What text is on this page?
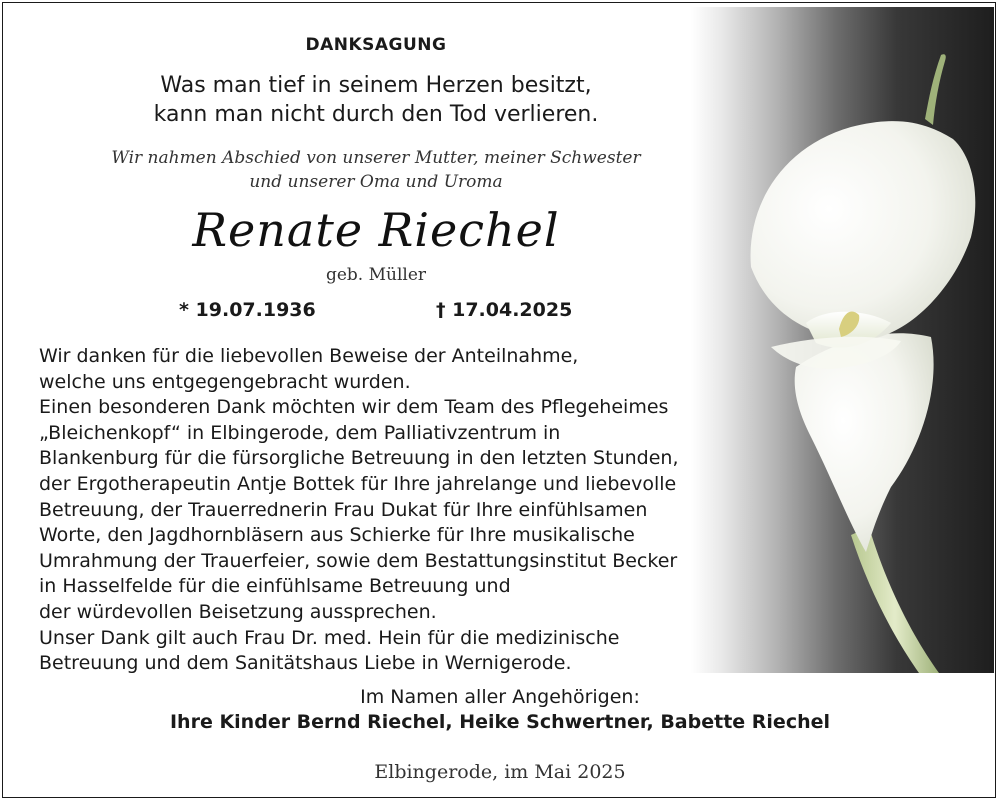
DANKSAGUNG
Was man tief in seinem Herzen besitzt,
kann man nicht durch den Tod verlieren.
Wir nahmen Abschied von unserer Mutter, meiner Schwester
und unserer Oma und Uroma
Renate Riechel
geb. Müller
* 19.07.1936	† 17.04.2025
Wir danken für die liebevollen Beweise der Anteilnahme,
welche uns entgegengebracht wurden.
Einen besonderen Dank möchten wir dem Team des Pflegeheimes
„Bleichenkopf“ in Elbingerode, dem Palliativzentrum in
Blankenburg für die fürsorgliche Betreuung in den letzten Stunden,
der Ergotherapeutin Antje Bottek für Ihre jahrelange und liebevolle
Betreuung, der Trauerrednerin Frau Dukat für Ihre einfühlsamen
Worte, den Jagdhornbläsern aus Schierke für Ihre musikalische
Umrahmung der Trauerfeier, sowie dem Bestattungsinstitut Becker
in Hasselfelde für die einfühlsame Betreuung und
der würdevollen Beisetzung aussprechen.
Unser Dank gilt auch Frau Dr. med. Hein für die medizinische
Betreuung und dem Sanitätshaus Liebe in Wernigerode.
Im Namen aller Angehörigen:
Ihre Kinder Bernd Riechel, Heike Schwertner, Babette Riechel
Elbingerode, im Mai 2025
